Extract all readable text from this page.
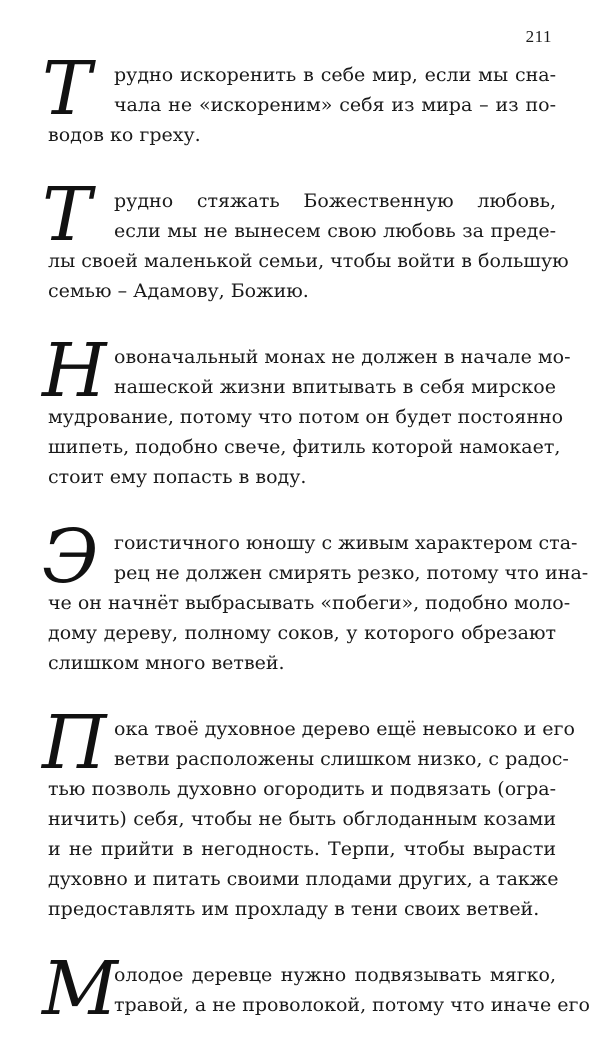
211
Т	рудно искоренить в себе мир, если мы сна-
чала не «искореним» себя из мира – из по-
водов ко греху.
Т	рудно стяжать Божественную любовь,
если мы не вынесем свою любовь за преде-
лы своей маленькой семьи, чтобы войти в большую
семью – Адамову, Божию.
Н овоначальный монах не должен в начале мо-
нашеской жизни впитывать в себя мирское
мудрование, потому что потом он будет постоянно
шипеть, подобно свече, фитиль которой намокает,
стоит ему попасть в воду.
Э гоистичного юношу с живым характером ста-
рец не должен смирять резко, потому что ина-
че он начнёт выбрасывать «побеги», подобно моло-
дому дереву, полному соков, у которого обрезают
слишком много ветвей.
П ока твоё духовное дерево ещё невысоко и его
ветви расположены слишком низко, с радос-
тью позволь духовно огородить и подвязать (огра-
ничить) себя, чтобы не быть обглоданным козами
и не прийти в негодность. Терпи, чтобы вырасти
духовно и питать своими плодами других, а также
предоставлять им прохладу в тени своих ветвей.
М
олодое деревце нужно подвязывать мягко,
травой, а не проволокой, потому что иначе его
